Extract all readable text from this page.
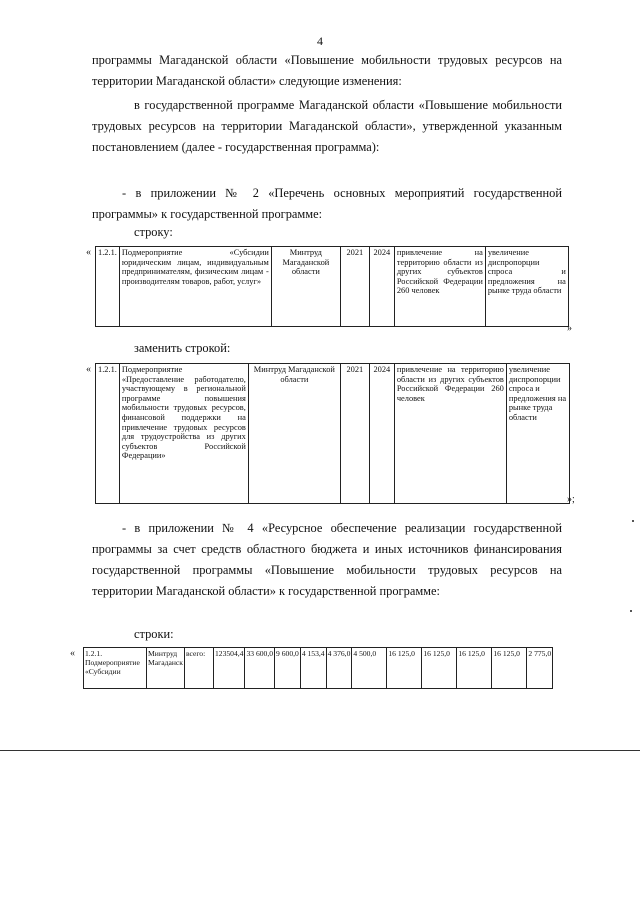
4

программы Магаданской области «Повышение мобильности трудовых ресурсов на территории Магаданской области» следующие изменения:

в государственной программе Магаданской области «Повышение мобильности трудовых ресурсов на территории Магаданской области», утвержденной указанным постановлением (далее - государственная программа):

- в приложении № 2 «Перечень основных мероприятий государственной программы» к государственной программе:

строку:
« 1.2.1.	Подмероприятие «Субсидии юридическим лицам, индивидуальным предпринимателям, физическим лицам - производителям товаров, работ, услуг»	Минтруд Магаданской области	2021	2024	привлечение на территорию области из других субъектов Российской Федерации 260 человек	увеличение диспропорции спроса и предложения на рынке труда области
»
заменить строкой:
« 1.2.1.	Подмероприятие «Предоставление работодателю, участвующему в региональной программе повышения мобильности трудовых ресурсов, финансовой поддержки на привлечение трудовых ресурсов для трудоустройства из других субъектов Российской Федерации»	Минтруд Магаданской области	2021	2024	привлечение на территорию области из других субъектов Российской Федерации 260 человек	увеличение диспропорции спроса и предложения на рынке труда области
»;

- в приложении № 4 «Ресурсное обеспечение реализации государственной программы за счет средств областного бюджета и иных источников финансирования государственной программы «Повышение мобильности трудовых ресурсов на территории Магаданской области» к государственной программе:

строки:
« 1.2.1. Подмероприятие «Субсидии	Минтруд Магаданск	всего:	123504,4	33 600,0	9 600,0	4 153,4	4 376,0	4 500,0	16 125,0	16 125,0	16 125,0	16 125,0	2 775,0
